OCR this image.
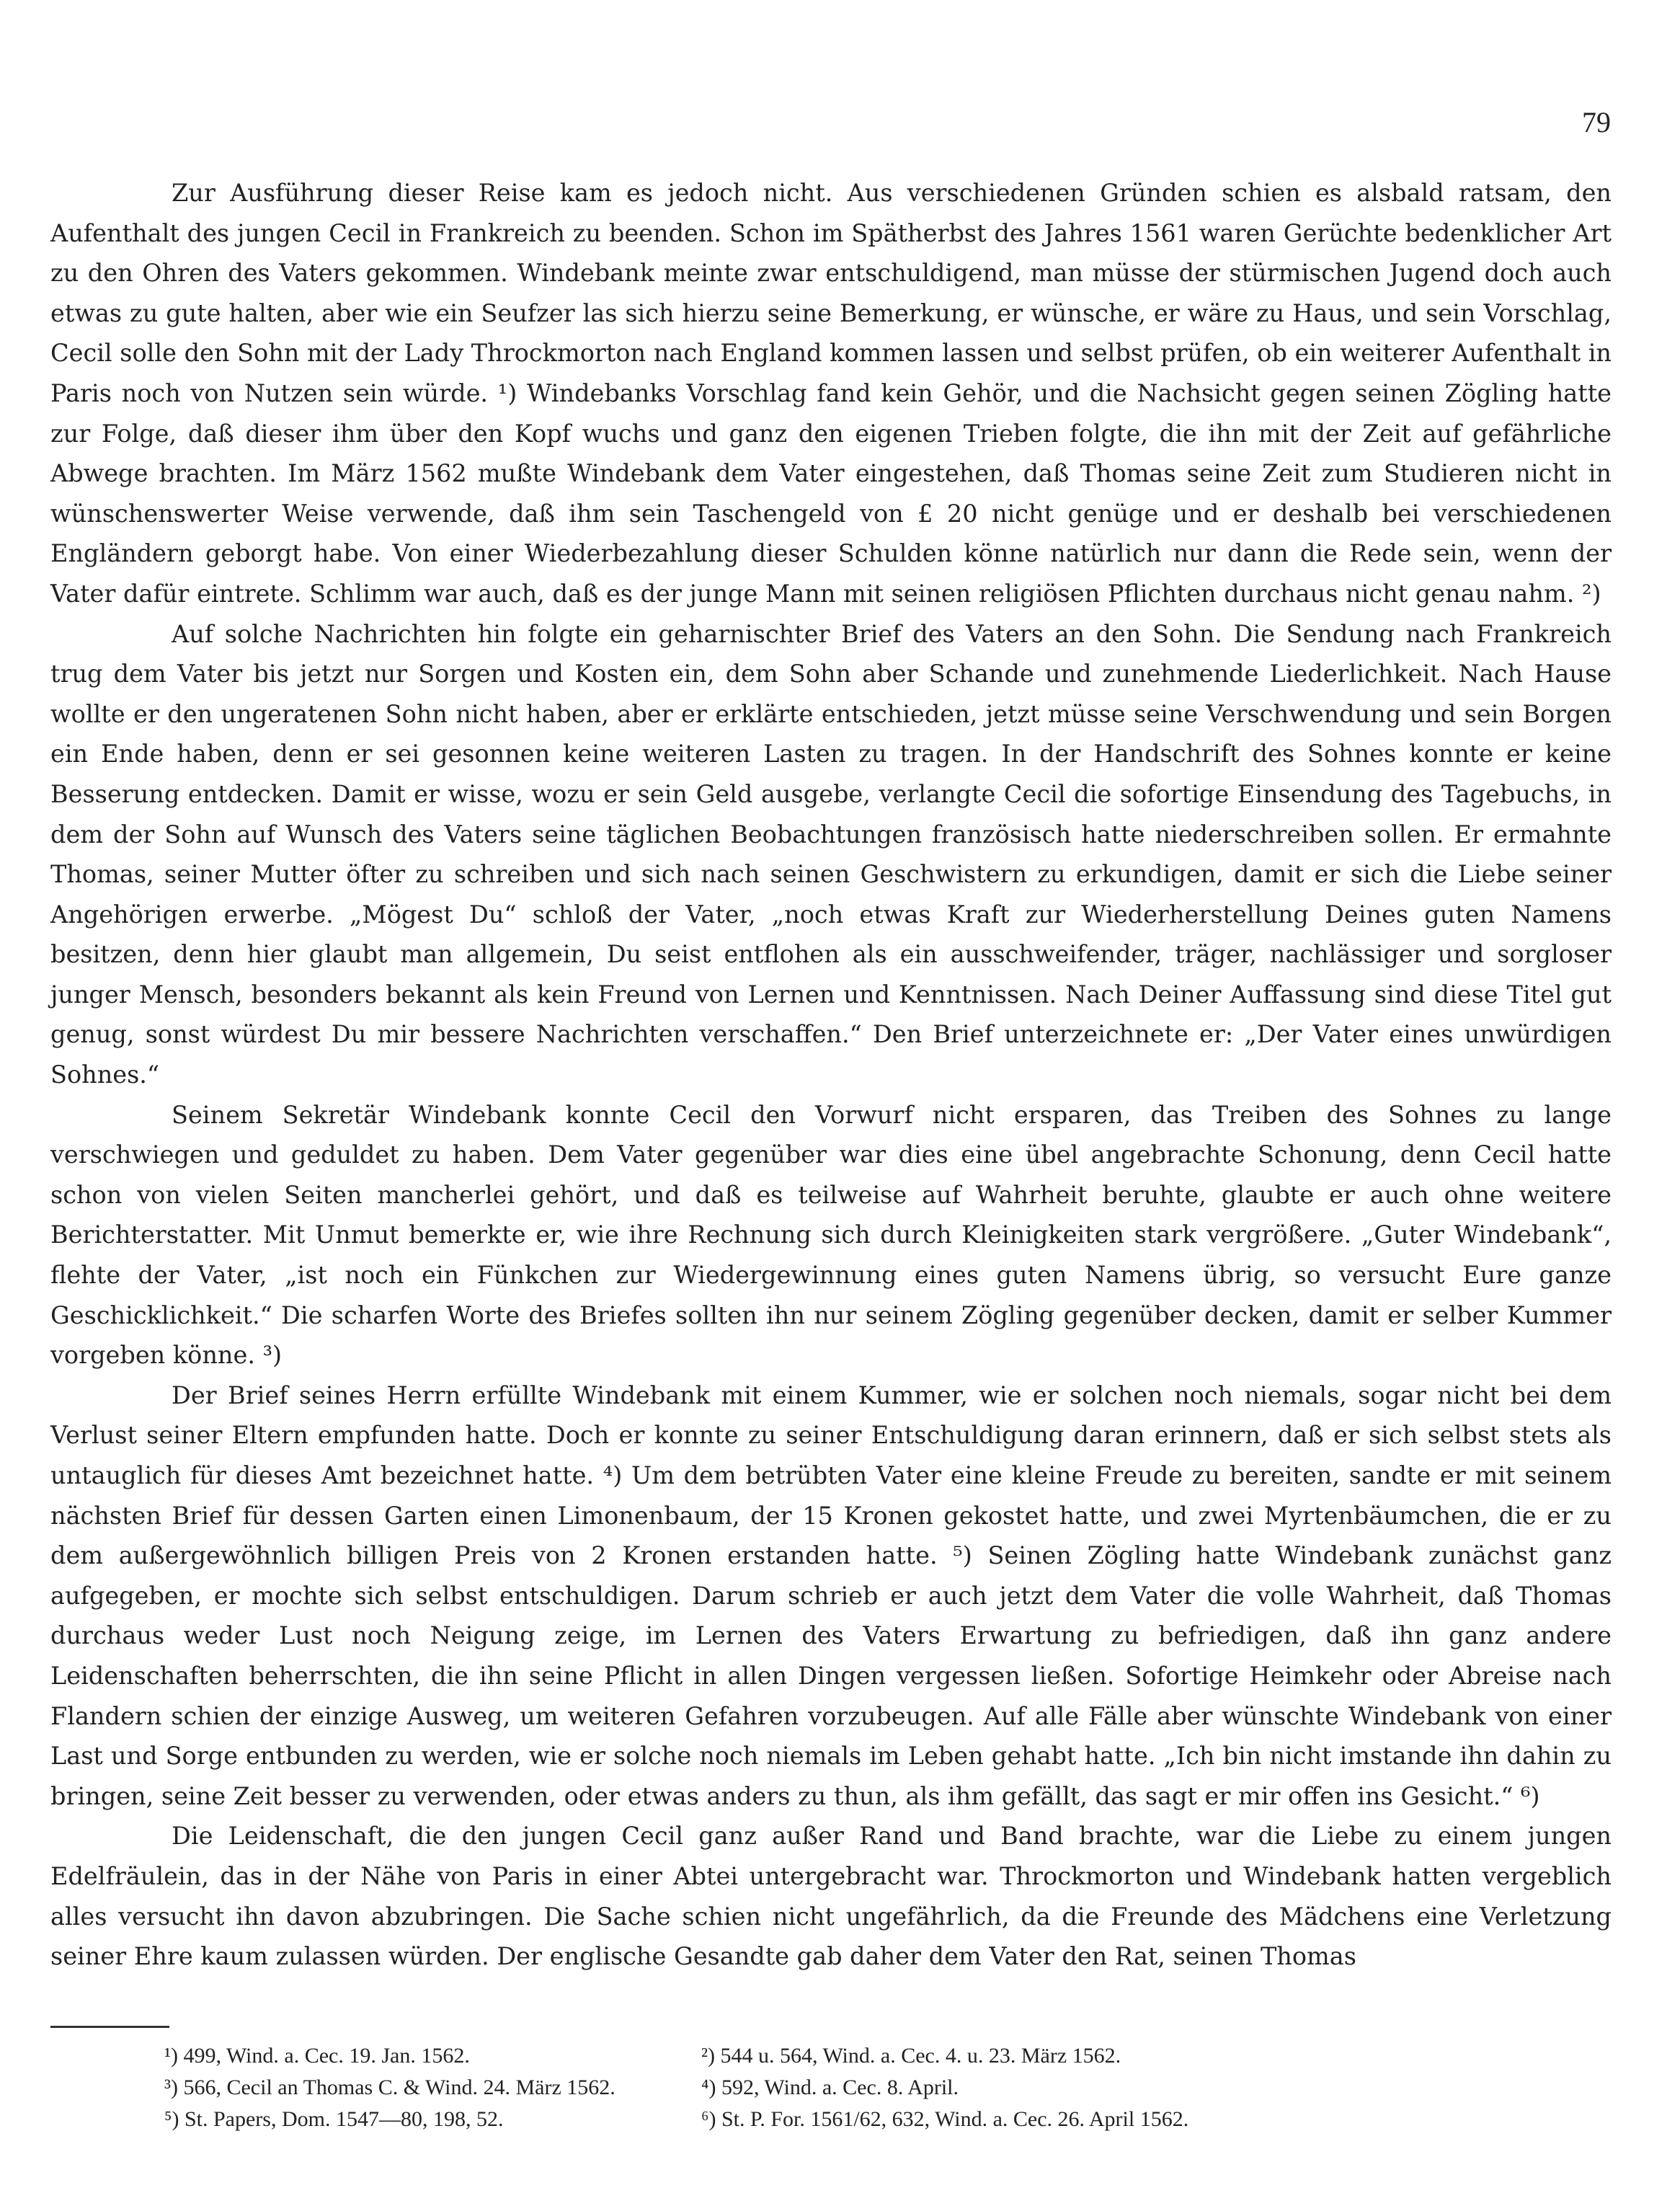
79

Zur Ausführung dieser Reise kam es jedoch nicht. Aus verschiedenen Gründen schien es alsbald ratsam, den Aufenthalt des jungen Cecil in Frankreich zu beenden. Schon im Spätherbst des Jahres 1561 waren Gerüchte bedenklicher Art zu den Ohren des Vaters gekommen. Windebank meinte zwar entschuldigend, man müsse der stürmischen Jugend doch auch etwas zu gute halten, aber wie ein Seufzer las sich hierzu seine Bemerkung, er wünsche, er wäre zu Haus, und sein Vorschlag, Cecil solle den Sohn mit der Lady Throckmorton nach England kommen lassen und selbst prüfen, ob ein weiterer Aufenthalt in Paris noch von Nutzen sein würde. ¹) Windebanks Vorschlag fand kein Gehör, und die Nachsicht gegen seinen Zögling hatte zur Folge, daß dieser ihm über den Kopf wuchs und ganz den eigenen Trieben folgte, die ihn mit der Zeit auf gefährliche Abwege brachten. Im März 1562 mußte Windebank dem Vater eingestehen, daß Thomas seine Zeit zum Studieren nicht in wünschenswerter Weise verwende, daß ihm sein Taschengeld von £ 20 nicht genüge und er deshalb bei verschiedenen Engländern geborgt habe. Von einer Wiederbezahlung dieser Schulden könne natürlich nur dann die Rede sein, wenn der Vater dafür eintrete. Schlimm war auch, daß es der junge Mann mit seinen religiösen Pflichten durchaus nicht genau nahm. ²)

Auf solche Nachrichten hin folgte ein geharnischter Brief des Vaters an den Sohn. Die Sendung nach Frankreich trug dem Vater bis jetzt nur Sorgen und Kosten ein, dem Sohn aber Schande und zunehmende Liederlichkeit. Nach Hause wollte er den ungeratenen Sohn nicht haben, aber er erklärte entschieden, jetzt müsse seine Verschwendung und sein Borgen ein Ende haben, denn er sei gesonnen keine weiteren Lasten zu tragen. In der Handschrift des Sohnes konnte er keine Besserung entdecken. Damit er wisse, wozu er sein Geld ausgebe, verlangte Cecil die sofortige Einsendung des Tagebuchs, in dem der Sohn auf Wunsch des Vaters seine täglichen Beobachtungen französisch hatte niederschreiben sollen. Er ermahnte Thomas, seiner Mutter öfter zu schreiben und sich nach seinen Geschwistern zu erkundigen, damit er sich die Liebe seiner Angehörigen erwerbe. „Mögest Du“ schloß der Vater, „noch etwas Kraft zur Wiederherstellung Deines guten Namens besitzen, denn hier glaubt man allgemein, Du seist entflohen als ein ausschweifender, träger, nachlässiger und sorgloser junger Mensch, besonders bekannt als kein Freund von Lernen und Kenntnissen. Nach Deiner Auffassung sind diese Titel gut genug, sonst würdest Du mir bessere Nachrichten verschaffen.“ Den Brief unterzeichnete er: „Der Vater eines unwürdigen Sohnes.“

Seinem Sekretär Windebank konnte Cecil den Vorwurf nicht ersparen, das Treiben des Sohnes zu lange verschwiegen und geduldet zu haben. Dem Vater gegenüber war dies eine übel angebrachte Schonung, denn Cecil hatte schon von vielen Seiten mancherlei gehört, und daß es teilweise auf Wahrheit beruhte, glaubte er auch ohne weitere Berichterstatter. Mit Unmut bemerkte er, wie ihre Rechnung sich durch Kleinigkeiten stark vergrößere. „Guter Windebank“, flehte der Vater, „ist noch ein Fünkchen zur Wiedergewinnung eines guten Namens übrig, so versucht Eure ganze Geschicklichkeit.“ Die scharfen Worte des Briefes sollten ihn nur seinem Zögling gegenüber decken, damit er selber Kummer vorgeben könne. ³)

Der Brief seines Herrn erfüllte Windebank mit einem Kummer, wie er solchen noch niemals, sogar nicht bei dem Verlust seiner Eltern empfunden hatte. Doch er konnte zu seiner Entschuldigung daran erinnern, daß er sich selbst stets als untauglich für dieses Amt bezeichnet hatte. ⁴) Um dem betrübten Vater eine kleine Freude zu bereiten, sandte er mit seinem nächsten Brief für dessen Garten einen Limonenbaum, der 15 Kronen gekostet hatte, und zwei Myrtenbäumchen, die er zu dem außergewöhnlich billigen Preis von 2 Kronen erstanden hatte. ⁵) Seinen Zögling hatte Windebank zunächst ganz aufgegeben, er mochte sich selbst entschuldigen. Darum schrieb er auch jetzt dem Vater die volle Wahrheit, daß Thomas durchaus weder Lust noch Neigung zeige, im Lernen des Vaters Erwartung zu befriedigen, daß ihn ganz andere Leidenschaften beherrschten, die ihn seine Pflicht in allen Dingen vergessen ließen. Sofortige Heimkehr oder Abreise nach Flandern schien der einzige Ausweg, um weiteren Gefahren vorzubeugen. Auf alle Fälle aber wünschte Windebank von einer Last und Sorge entbunden zu werden, wie er solche noch niemals im Leben gehabt hatte. „Ich bin nicht imstande ihn dahin zu bringen, seine Zeit besser zu verwenden, oder etwas anders zu thun, als ihm gefällt, das sagt er mir offen ins Gesicht.“ ⁶)

Die Leidenschaft, die den jungen Cecil ganz außer Rand und Band brachte, war die Liebe zu einem jungen Edelfräulein, das in der Nähe von Paris in einer Abtei untergebracht war. Throckmorton und Windebank hatten vergeblich alles versucht ihn davon abzubringen. Die Sache schien nicht ungefährlich, da die Freunde des Mädchens eine Verletzung seiner Ehre kaum zulassen würden. Der englische Gesandte gab daher dem Vater den Rat, seinen Thomas

¹) 499, Wind. a. Cec. 19. Jan. 1562.	²) 544 u. 564, Wind. a. Cec. 4. u. 23. März 1562.
³) 566, Cecil an Thomas C. & Wind. 24. März 1562.	⁴) 592, Wind. a. Cec. 8. April.
⁵) St. Papers, Dom. 1547—80, 198, 52.	⁶) St. P. For. 1561/62, 632, Wind. a. Cec. 26. April 1562.
